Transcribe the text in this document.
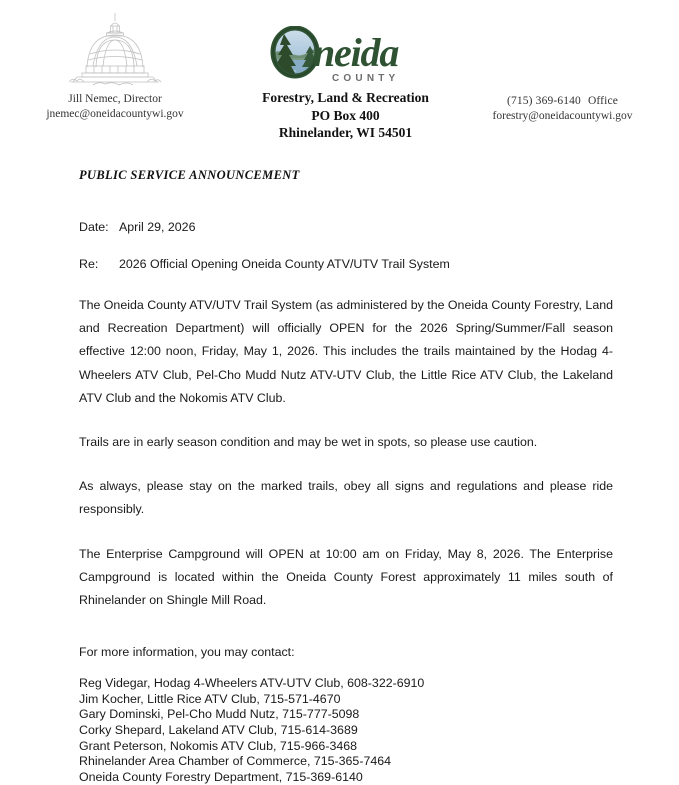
Jill Nemec, Director
jnemec@oneidacountywi.gov
neida
COUNTY
Forestry, Land & Recreation
PO Box 400
Rhinelander, WI 54501
(715) 369-6140 Office
forestry@oneidacountywi.gov
PUBLIC SERVICE ANNOUNCEMENT
Date: April 29, 2026
Re:	2026 Official Opening Oneida County ATV/UTV Trail System

The Oneida County ATV/UTV Trail System (as administered by the Oneida County Forestry, Land and Recreation Department) will officially OPEN for the 2026 Spring/Summer/Fall season effective 12:00 noon, Friday, May 1, 2026. This includes the trails maintained by the Hodag 4-Wheelers ATV Club, Pel-Cho Mudd Nutz ATV-UTV Club, the Little Rice ATV Club, the Lakeland ATV Club and the Nokomis ATV Club.

Trails are in early season condition and may be wet in spots, so please use caution.

As always, please stay on the marked trails, obey all signs and regulations and please ride responsibly.

The Enterprise Campground will OPEN at 10:00 am on Friday, May 8, 2026. The Enterprise Campground is located within the Oneida County Forest approximately 11 miles south of Rhinelander on Shingle Mill Road.

For more information, you may contact:
Reg Videgar, Hodag 4-Wheelers ATV-UTV Club, 608-322-6910
Jim Kocher, Little Rice ATV Club, 715-571-4670
Gary Dominski, Pel-Cho Mudd Nutz, 715-777-5098
Corky Shepard, Lakeland ATV Club, 715-614-3689
Grant Peterson, Nokomis ATV Club, 715-966-3468
Rhinelander Area Chamber of Commerce, 715-365-7464
Oneida County Forestry Department, 715-369-6140
